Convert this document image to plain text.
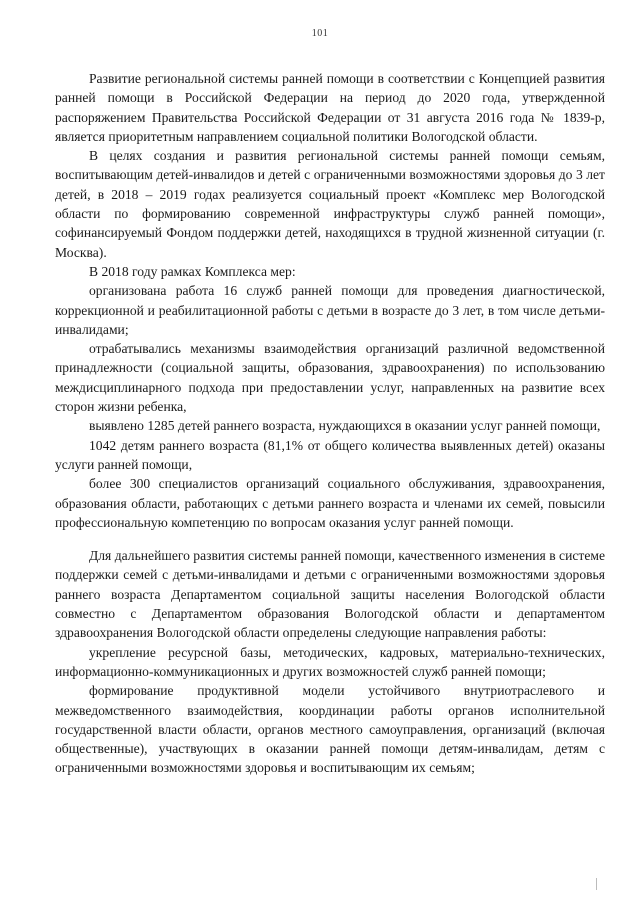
101

Развитие региональной системы ранней помощи в соответствии с Концепцией развития ранней помощи в Российской Федерации на период до 2020 года, утвержденной распоряжением Правительства Российской Федерации от 31 августа 2016 года № 1839-р, является приоритетным направлением социальной политики Вологодской области.

В целях создания и развития региональной системы ранней помощи семьям, воспитывающим детей-инвалидов и детей с ограниченными возможностями здоровья до 3 лет детей, в 2018 – 2019 годах реализуется социальный проект «Комплекс мер Вологодской области по формированию современной инфраструктуры служб ранней помощи», софинансируемый Фондом поддержки детей, находящихся в трудной жизненной ситуации (г. Москва).

В 2018 году рамках Комплекса мер:

организована работа 16 служб ранней помощи для проведения диагностической, коррекционной и реабилитационной работы с детьми в возрасте до 3 лет, в том числе детьми-инвалидами;

отрабатывались механизмы взаимодействия организаций различной ведомственной принадлежности (социальной защиты, образования, здравоохранения) по использованию междисциплинарного подхода при предоставлении услуг, направленных на развитие всех сторон жизни ребенка,

выявлено 1285 детей раннего возраста, нуждающихся в оказании услуг ранней помощи,

1042 детям раннего возраста (81,1% от общего количества выявленных детей) оказаны услуги ранней помощи,

более 300 специалистов организаций социального обслуживания, здравоохранения, образования области, работающих с детьми раннего возраста и членами их семей, повысили профессиональную компетенцию по вопросам оказания услуг ранней помощи.

Для дальнейшего развития системы ранней помощи, качественного изменения в системе поддержки семей с детьми-инвалидами и детьми с ограниченными возможностями здоровья раннего возраста Департаментом социальной защиты населения Вологодской области совместно с Департаментом образования Вологодской области и департаментом здравоохранения Вологодской области определены следующие направления работы:

укрепление ресурсной базы, методических, кадровых, материально-технических, информационно-коммуникационных и других возможностей служб ранней помощи;

формирование продуктивной модели устойчивого внутриотраслевого и межведомственного взаимодействия, координации работы органов исполнительной государственной власти области, органов местного самоуправления, организаций (включая общественные), участвующих в оказании ранней помощи детям-инвалидам, детям с ограниченными возможностями здоровья и воспитывающим их семьям;
